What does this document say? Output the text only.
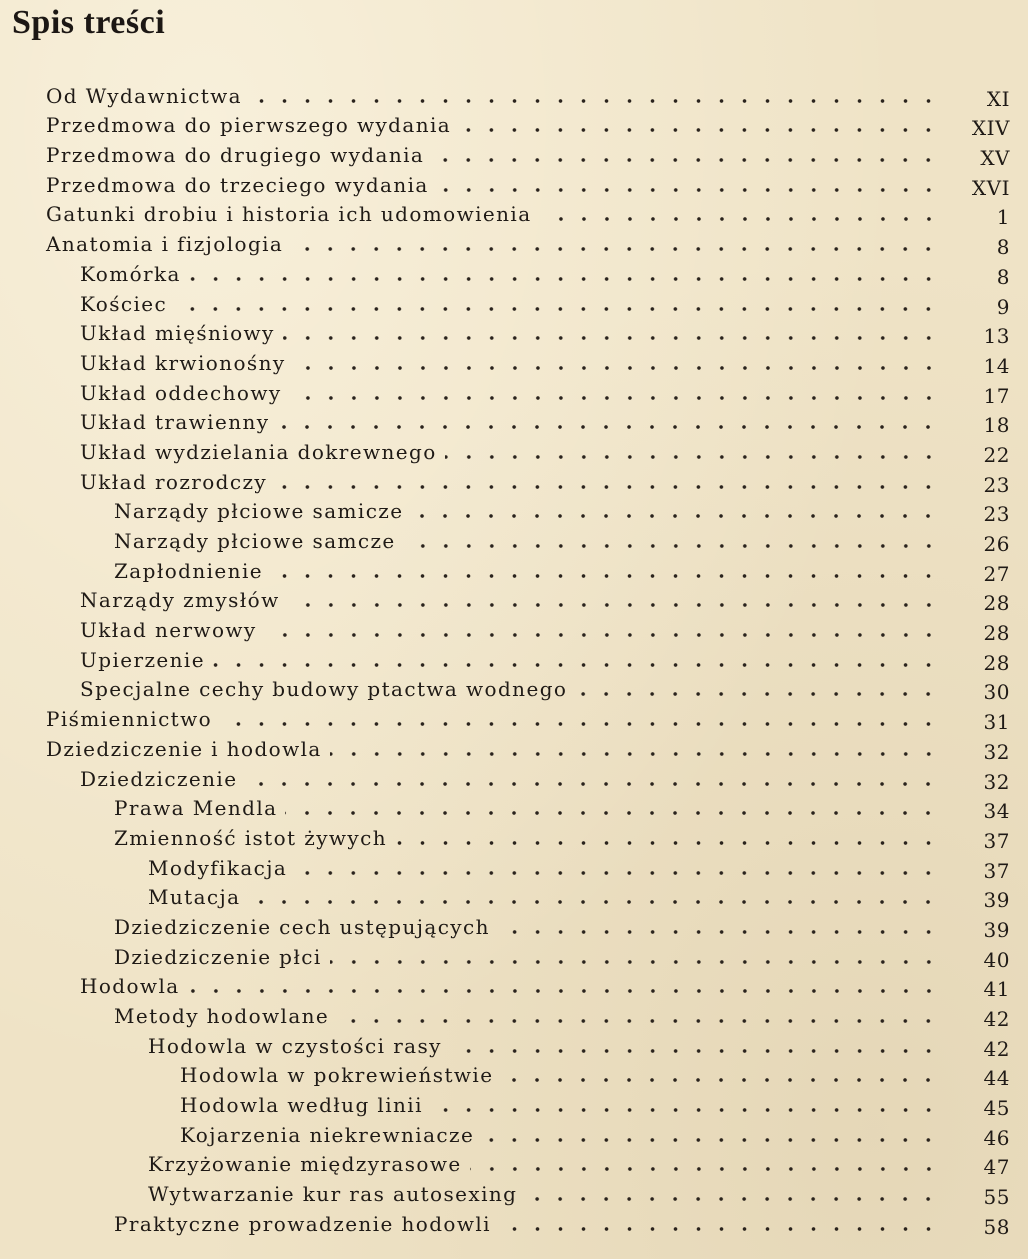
Spis treści
Od Wydawnictwa	XI
Przedmowa do pierwszego wydania	XIV
Przedmowa do drugiego wydania	XV
Przedmowa do trzeciego wydania	XVI
Gatunki drobiu i historia ich udomowienia	1
Anatomia i fizjologia	8
Komórka	8
Kościec	9
Układ mięśniowy	13
Układ krwionośny	14
Układ oddechowy	17
Układ trawienny	18
Układ wydzielania dokrewnego	22
Układ rozrodczy	23
Narządy płciowe samicze	23
Narządy płciowe samcze	26
Zapłodnienie	27
Narządy zmysłów	28
Układ nerwowy	28
Upierzenie	28
Specjalne cechy budowy ptactwa wodnego	30
Piśmiennictwo	31
Dziedziczenie i hodowla	32
Dziedziczenie	32
Prawa Mendla	34
Zmienność istot żywych	37
Modyfikacja	37
Mutacja	39
Dziedziczenie cech ustępujących	39
Dziedziczenie płci	40
Hodowla	41
Metody hodowlane	42
Hodowla w czystości rasy	42
Hodowla w pokrewieństwie	44
Hodowla według linii	45
Kojarzenia niekrewniacze	46
Krzyżowanie międzyrasowe	47
Wytwarzanie kur ras autosexing	55
Praktyczne prowadzenie hodowli	58
